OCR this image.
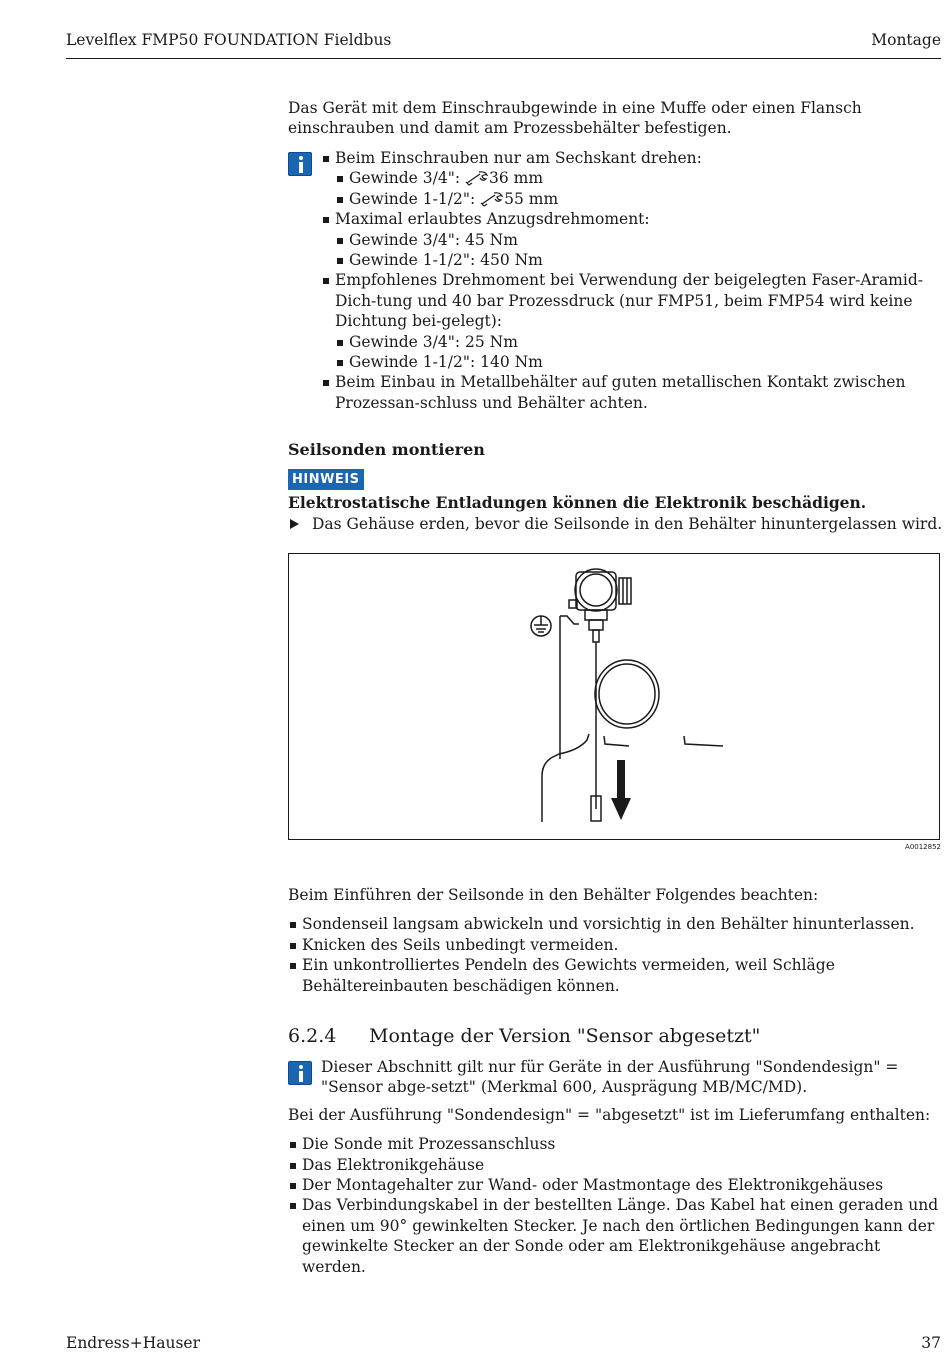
Levelflex FMP50 FOUNDATION Fieldbus	Montage

Das Gerät mit dem Einschraubgewinde in eine Muffe oder einen Flansch einschrauben und damit am Prozessbehälter befestigen.

Beim Einschrauben nur am Sechskant drehen:
Gewinde 3/4": 36 mm
Gewinde 1-1/2": 55 mm
Maximal erlaubtes Anzugsdrehmoment:
Gewinde 3/4": 45 Nm
Gewinde 1-1/2": 450 Nm
Empfohlenes Drehmoment bei Verwendung der beigelegten Faser-Aramid-Dich-tung und 40 bar Prozessdruck (nur FMP51, beim FMP54 wird keine Dichtung bei-gelegt):
Gewinde 3/4": 25 Nm
Gewinde 1-1/2": 140 Nm
Beim Einbau in Metallbehälter auf guten metallischen Kontakt zwischen Prozessan-schluss und Behälter achten.
Seilsonden montieren
HINWEIS
Elektrostatische Entladungen können die Elektronik beschädigen.
Das Gehäuse erden, bevor die Seilsonde in den Behälter hinuntergelassen wird.
A0012852

Beim Einführen der Seilsonde in den Behälter Folgendes beachten:

Sondenseil langsam abwickeln und vorsichtig in den Behälter hinunterlassen.
Knicken des Seils unbedingt vermeiden.
Ein unkontrolliertes Pendeln des Gewichts vermeiden, weil Schläge Behältereinbauten beschädigen können.
6.2.4 Montage der Version "Sensor abgesetzt"
Dieser Abschnitt gilt nur für Geräte in der Ausführung "Sondendesign" = "Sensor abge-setzt" (Merkmal 600, Ausprägung MB/MC/MD).

Bei der Ausführung "Sondendesign" = "abgesetzt" ist im Lieferumfang enthalten:

Die Sonde mit Prozessanschluss
Das Elektronikgehäuse
Der Montagehalter zur Wand- oder Mastmontage des Elektronikgehäuses
Das Verbindungskabel in der bestellten Länge. Das Kabel hat einen geraden und einen um 90° gewinkelten Stecker. Je nach den örtlichen Bedingungen kann der gewinkelte Stecker an der Sonde oder am Elektronikgehäuse angebracht werden.
Endress+Hauser	37
